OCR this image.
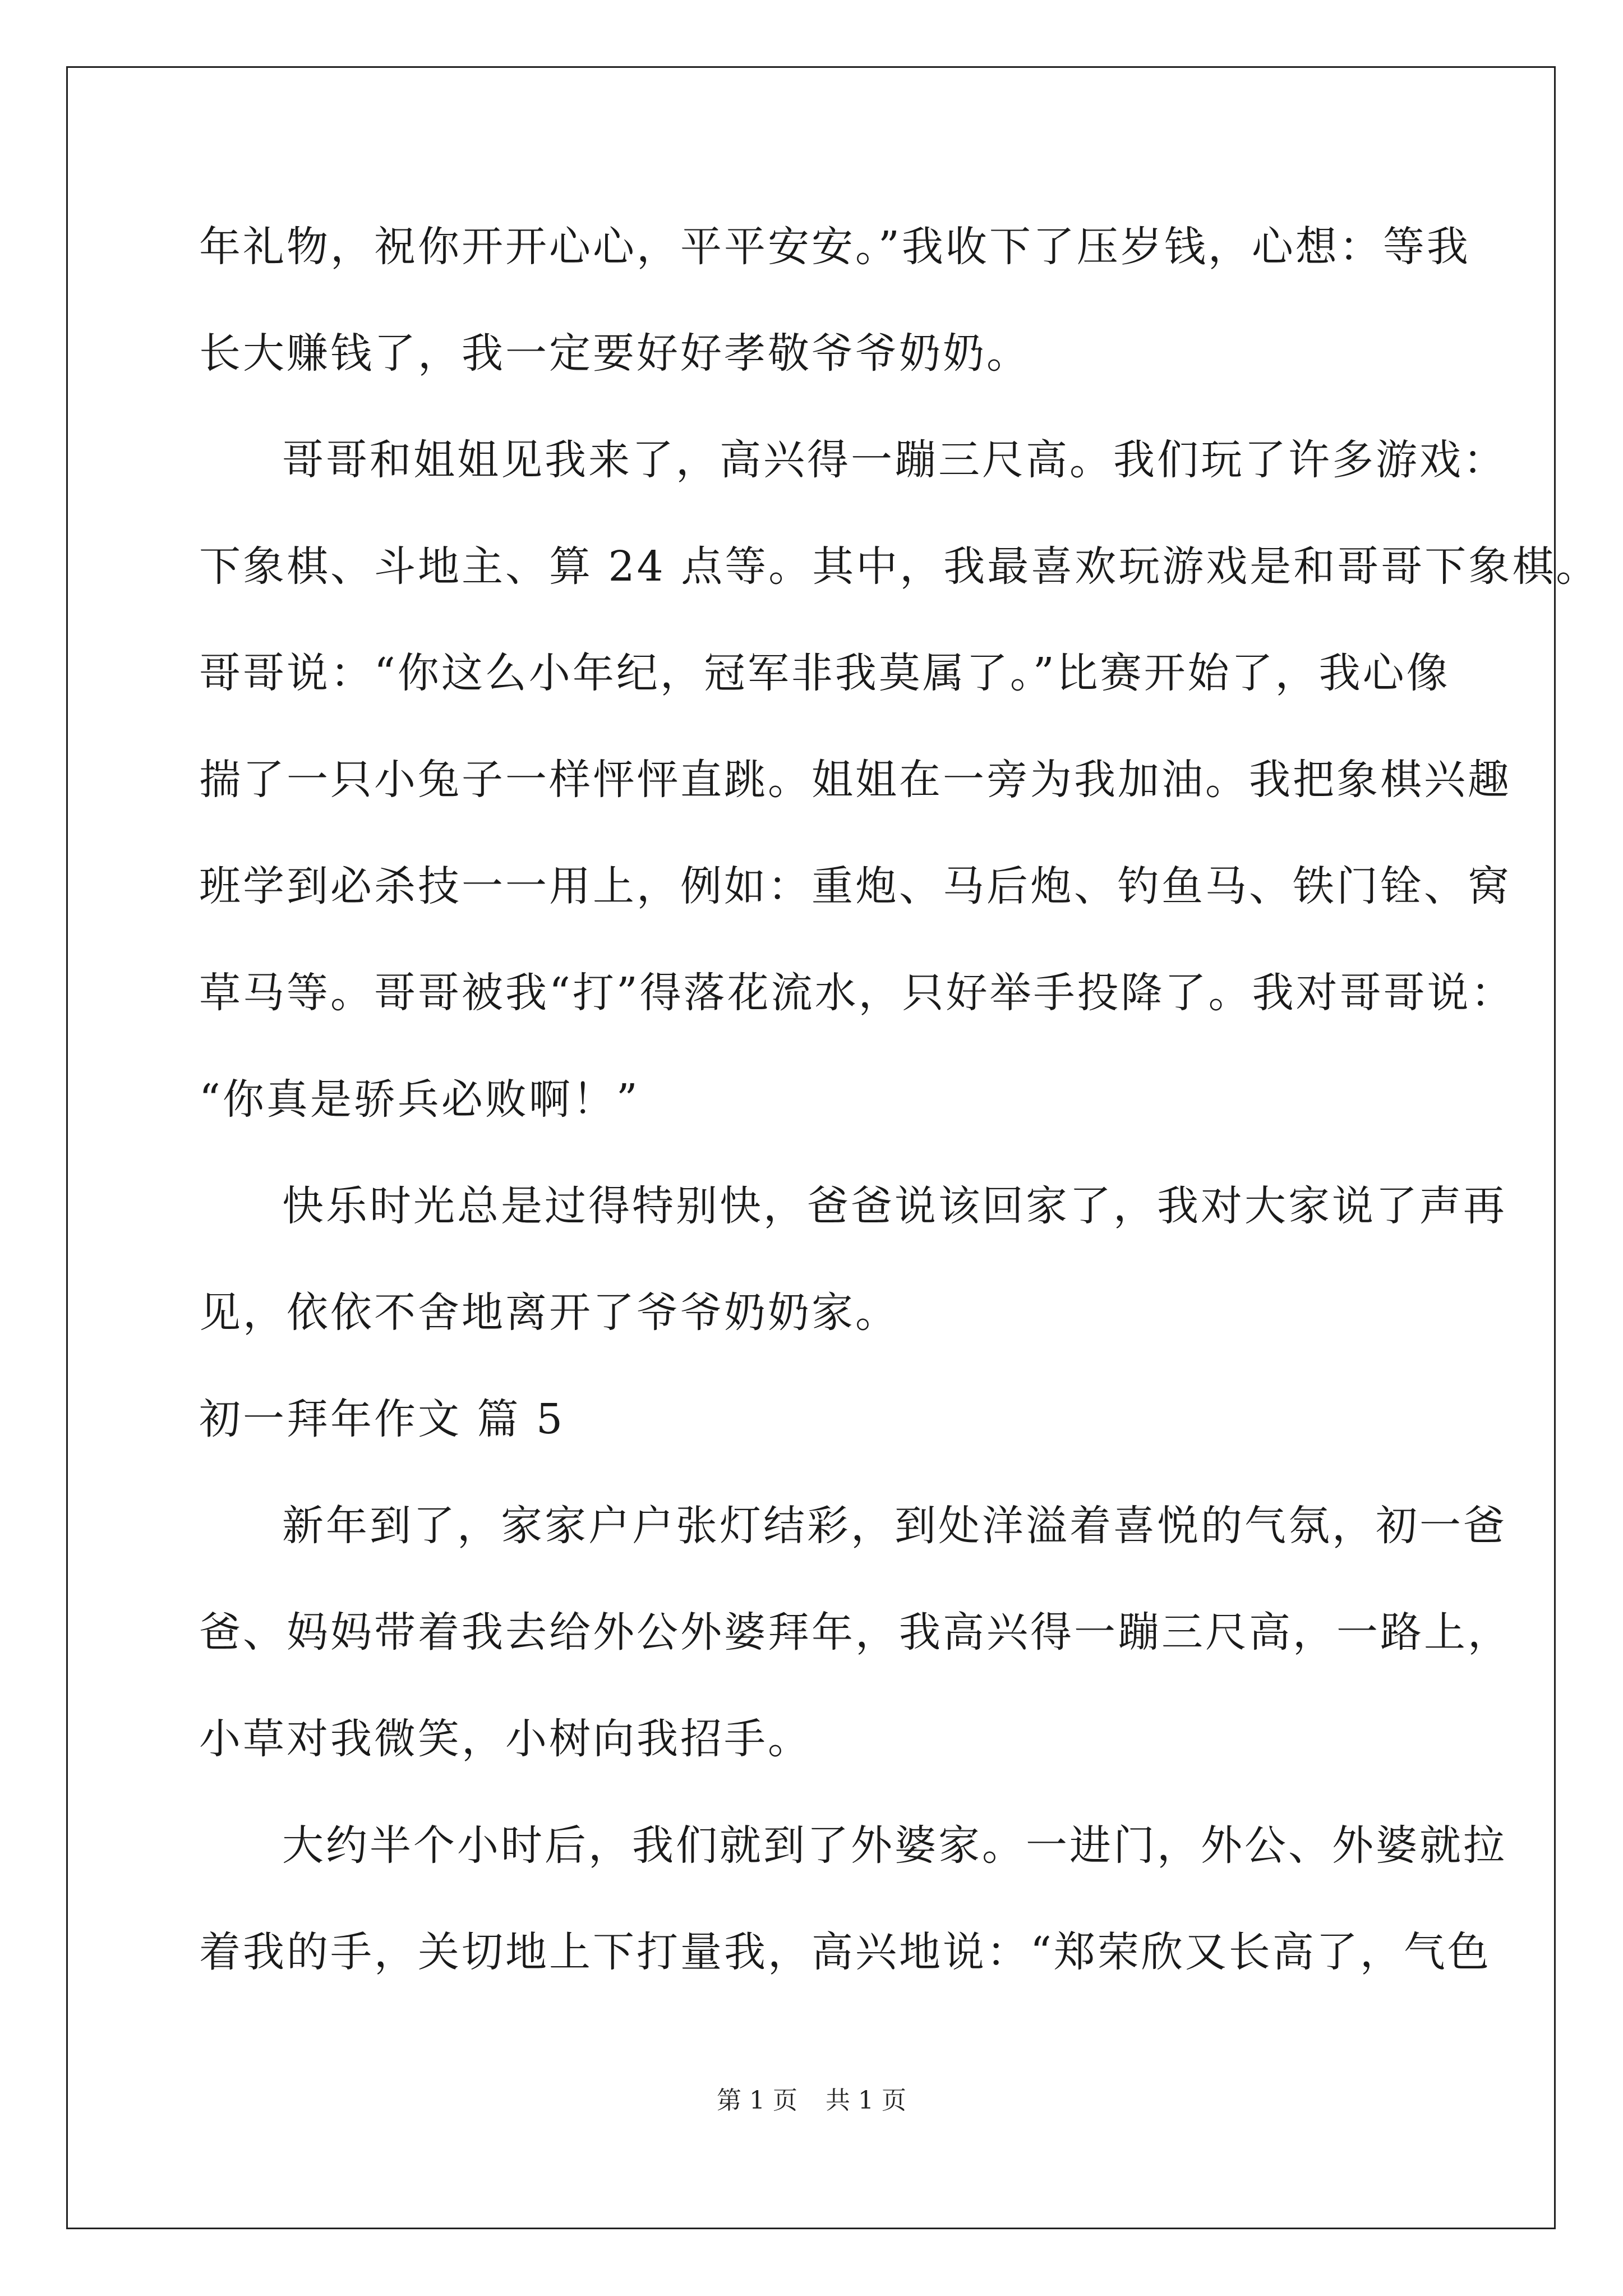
年礼物，祝你开开心心，平平安安。”我收下了压岁钱，心想：等我
长大赚钱了，我一定要好好孝敬爷爷奶奶。
哥哥和姐姐见我来了，高兴得一蹦三尺高。我们玩了许多游戏：
下象棋、斗地主、算 24 点等。其中，我最喜欢玩游戏是和哥哥下象棋。
哥哥说：“你这么小年纪，冠军非我莫属了。”比赛开始了，我心像
揣了一只小兔子一样怦怦直跳。姐姐在一旁为我加油。我把象棋兴趣
班学到必杀技一一用上，例如：重炮、马后炮、钓鱼马、铁门铨、窝
草马等。哥哥被我“打”得落花流水，只好举手投降了。我对哥哥说：
“你真是骄兵必败啊！”
快乐时光总是过得特别快，爸爸说该回家了，我对大家说了声再
见，依依不舍地离开了爷爷奶奶家。
初一拜年作文 篇 5
新年到了，家家户户张灯结彩，到处洋溢着喜悦的气氛，初一爸
爸、妈妈带着我去给外公外婆拜年，我高兴得一蹦三尺高，一路上，
小草对我微笑，小树向我招手。
大约半个小时后，我们就到了外婆家。一进门，外公、外婆就拉
着我的手，关切地上下打量我，高兴地说：“郑荣欣又长高了，气色
第 1 页 共 1 页
